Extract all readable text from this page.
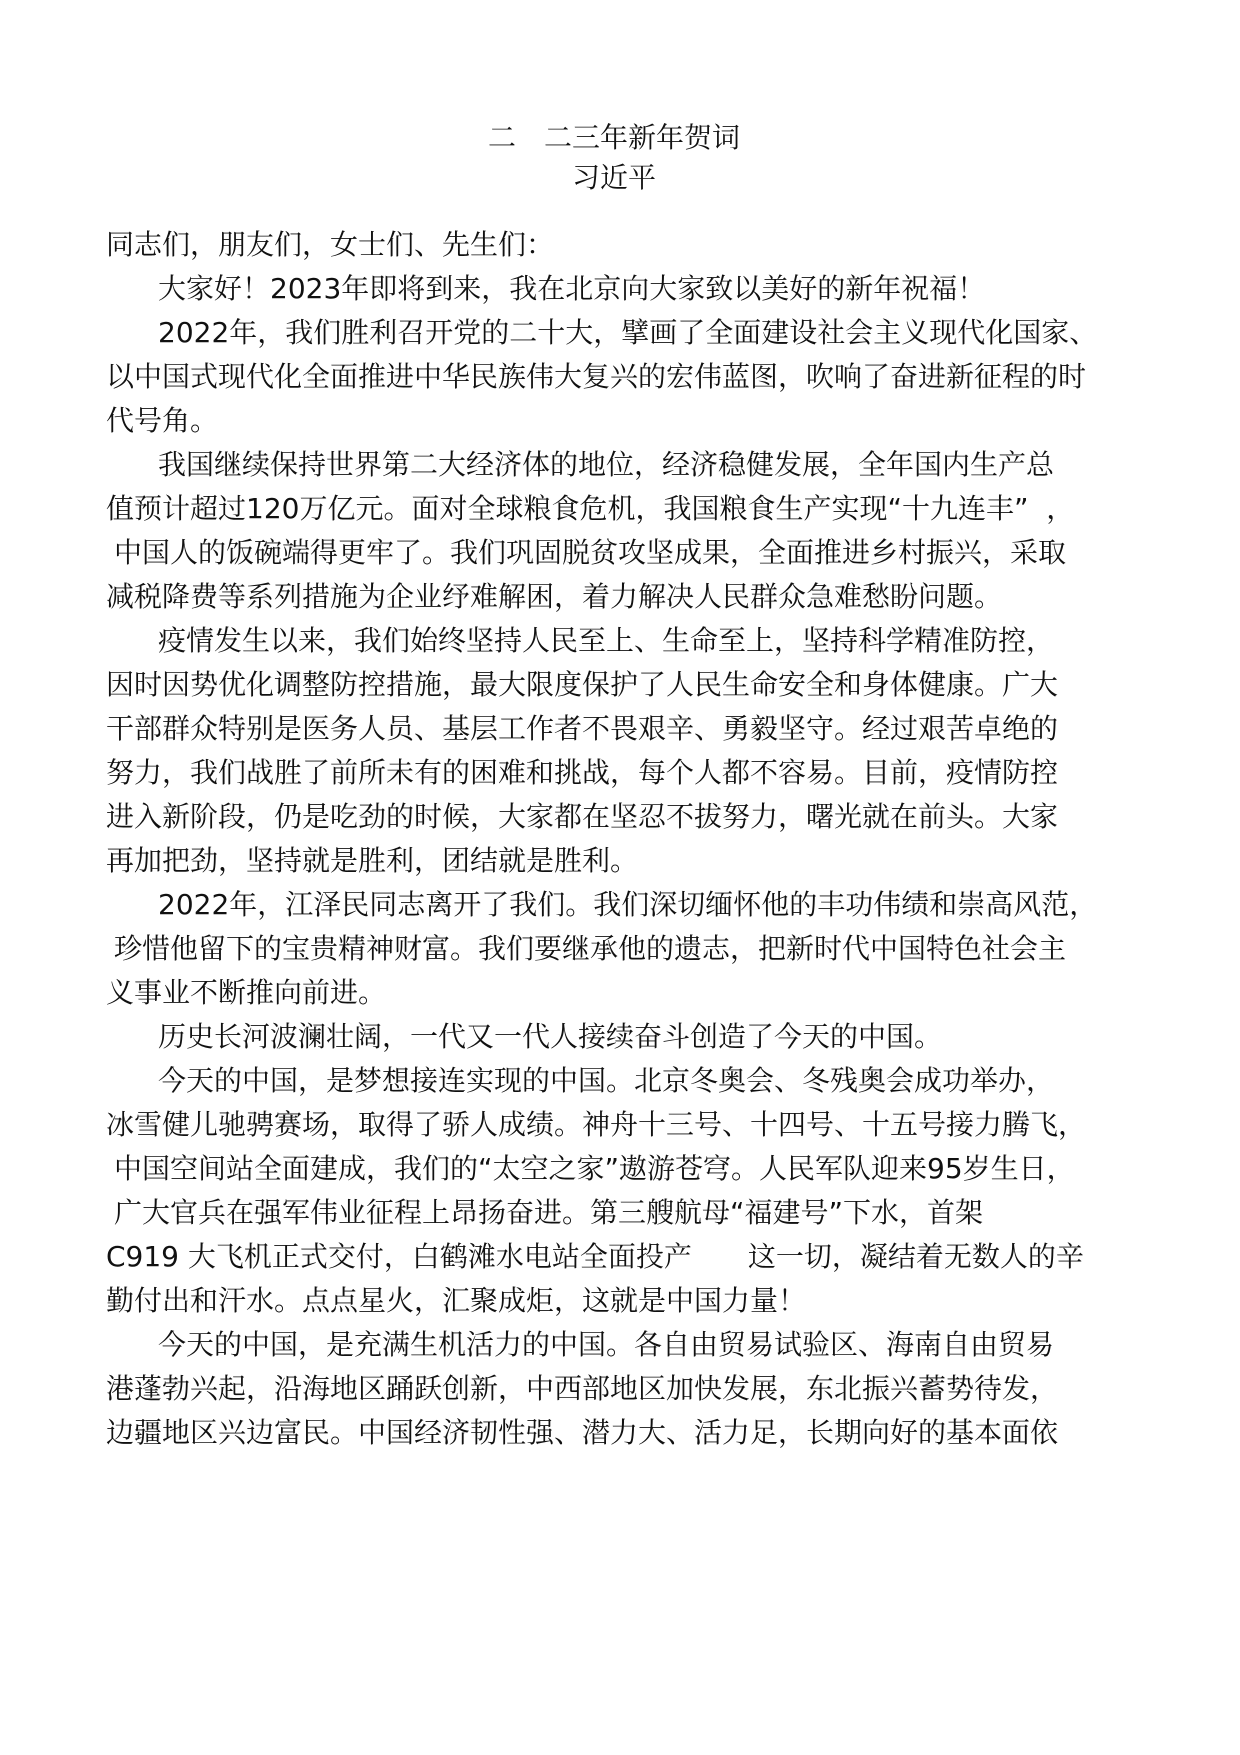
二　二三年新年贺词
习近平
同志们，朋友们，女士们、先生们：
大家好！2023年即将到来，我在北京向大家致以美好的新年祝福！
2022年，我们胜利召开党的二十大，擘画了全面建设社会主义现代化国家、
以中国式现代化全面推进中华民族伟大复兴的宏伟蓝图，吹响了奋进新征程的时
代号角。
我国继续保持世界第二大经济体的地位，经济稳健发展，全年国内生产总
值预计超过120万亿元。面对全球粮食危机，我国粮食生产实现“十九连丰”  ，
中国人的饭碗端得更牢了。我们巩固脱贫攻坚成果，全面推进乡村振兴，采取
减税降费等系列措施为企业纾难解困，着力解决人民群众急难愁盼问题。
疫情发生以来，我们始终坚持人民至上、生命至上，坚持科学精准防控，
因时因势优化调整防控措施，最大限度保护了人民生命安全和身体健康。广大
干部群众特别是医务人员、基层工作者不畏艰辛、勇毅坚守。经过艰苦卓绝的
努力，我们战胜了前所未有的困难和挑战，每个人都不容易。目前，疫情防控
进入新阶段，仍是吃劲的时候，大家都在坚忍不拔努力，曙光就在前头。大家
再加把劲，坚持就是胜利，团结就是胜利。
2022年，江泽民同志离开了我们。我们深切缅怀他的丰功伟绩和崇高风范，
珍惜他留下的宝贵精神财富。我们要继承他的遗志，把新时代中国特色社会主
义事业不断推向前进。
历史长河波澜壮阔，一代又一代人接续奋斗创造了今天的中国。
今天的中国，是梦想接连实现的中国。北京冬奥会、冬残奥会成功举办，
冰雪健儿驰骋赛场，取得了骄人成绩。神舟十三号、十四号、十五号接力腾飞，
中国空间站全面建成，我们的“太空之家”遨游苍穹。人民军队迎来95岁生日，
广大官兵在强军伟业征程上昂扬奋进。第三艘航母“福建号”下水，首架
C919 大飞机正式交付，白鹤滩水电站全面投产　　这一切，凝结着无数人的辛
勤付出和汗水。点点星火，汇聚成炬，这就是中国力量！
今天的中国，是充满生机活力的中国。各自由贸易试验区、海南自由贸易
港蓬勃兴起，沿海地区踊跃创新，中西部地区加快发展，东北振兴蓄势待发，
边疆地区兴边富民。中国经济韧性强、潜力大、活力足，长期向好的基本面依
